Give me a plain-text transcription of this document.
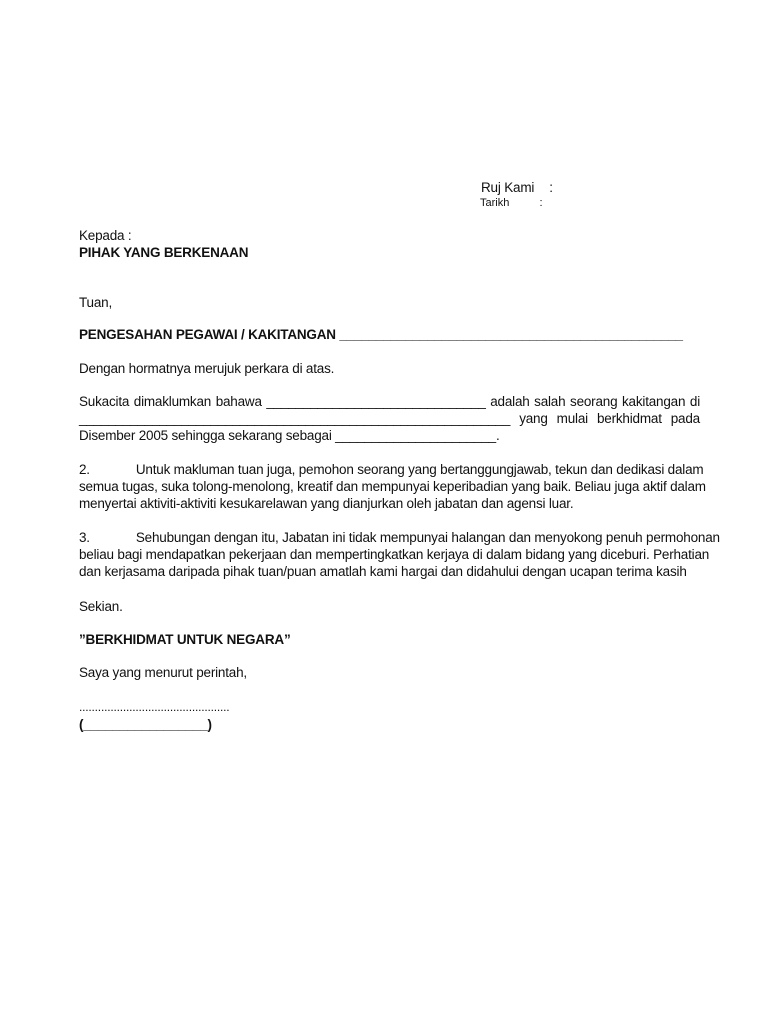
Ruj Kami :
Tarikh	:
Kepada :
PIHAK YANG BERKENAAN
Tuan,
PENGESAHAN PEGAWAI / KAKITANGAN _______________________________________________
Dengan hormatnya merujuk perkara di atas.
Sukacita dimaklumkan bahawa ______________________________ adalah salah seorang kakitangan di
___________________________________________________________ yang mulai berkhidmat pada
Disember 2005 sehingga sekarang sebagai ______________________.
2.	Untuk makluman tuan juga, pemohon seorang yang bertanggungjawab, tekun dan dedikasi dalam
semua tugas, suka tolong-menolong, kreatif dan mempunyai keperibadian yang baik. Beliau juga aktif dalam
menyertai aktiviti-aktiviti kesukarelawan yang dianjurkan oleh jabatan dan agensi luar.
3.	Sehubungan dengan itu, Jabatan ini tidak mempunyai halangan dan menyokong penuh permohonan
beliau bagi mendapatkan pekerjaan dan mempertingkatkan kerjaya di dalam bidang yang diceburi. Perhatian
dan kerjasama daripada pihak tuan/puan amatlah kami hargai dan didahului dengan ucapan terima kasih
Sekian.
”BERKHIDMAT UNTUK NEGARA”
Saya yang menurut perintah,
................................................
(_________________)
